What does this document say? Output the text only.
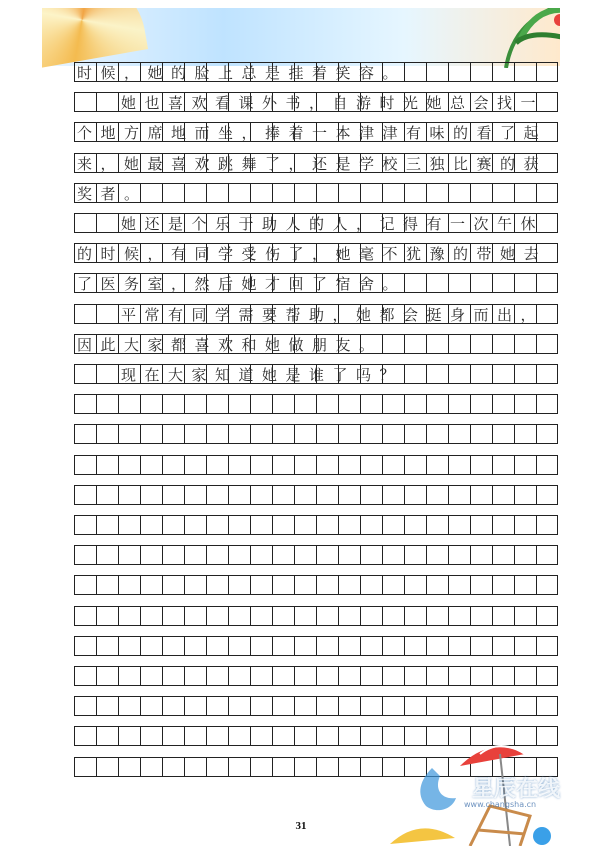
时候，她的脸上总是挂着笑容。
她也喜欢看课外书，自游时光她总会找一
个地方席地而坐，捧着一本津津有味的看了起
来，她最喜欢跳舞了，还是学校三独比赛的获
奖者。
她还是个乐于助人的人，记得有一次午休
的时候，有同学受伤了，她毫不犹豫的带她去
了医务室，然后她才回了宿舍。
平常有同学需要帮助，她都会挺身而出，
因此大家都喜欢和她做朋友。
现在大家知道她是谁了吗？
31
星辰在线
www.changsha.cn
